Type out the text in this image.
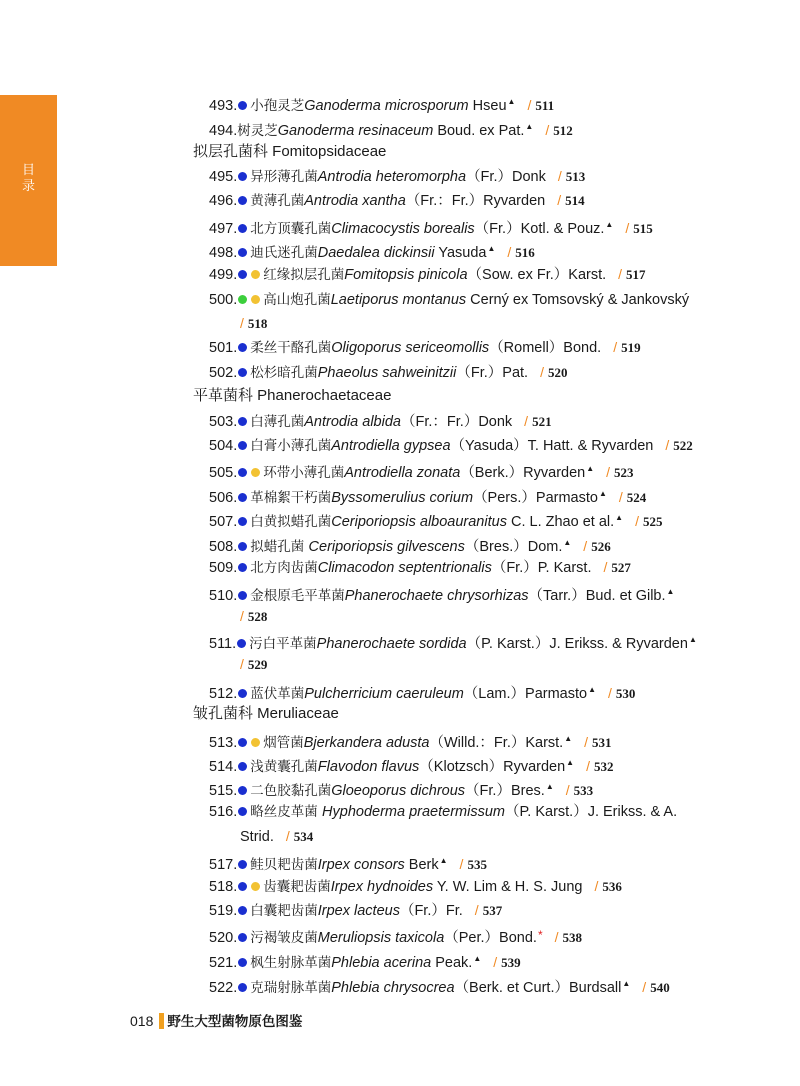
目录
493. 小孢灵芝Ganoderma microsporum Hseu▲ / 511
494.树灵芝Ganoderma resinaceum Boud. ex Pat.▲ / 512
拟层孔菌科 Fomitopsidaceae
495. 异形薄孔菌Antrodia heteromorpha（Fr.）Donk / 513
496. 黄薄孔菌Antrodia xantha（Fr.：Fr.）Ryvarden / 514
497. 北方顶囊孔菌Climacocystis borealis（Fr.）Kotl. & Pouz.▲ / 515
498. 迪氏迷孔菌Daedalea dickinsii Yasuda▲ / 516
499. 红缘拟层孔菌Fomitopsis pinicola（Sow. ex Fr.）Karst. / 517
500. 高山炮孔菌Laetiporus montanus Cerný ex Tomsovský & Jankovský
/ 518
501. 柔丝干酪孔菌Oligoporus sericeomollis（Romell）Bond. / 519
502. 松杉暗孔菌Phaeolus sahweinitzii（Fr.）Pat. / 520
平革菌科 Phanerochaetaceae
503. 白薄孔菌Antrodia albida（Fr.：Fr.）Donk / 521
504. 白膏小薄孔菌Antrodiella gypsea（Yasuda）T. Hatt. & Ryvarden / 522
505. 环带小薄孔菌Antrodiella zonata（Berk.）Ryvarden▲ / 523
506. 革棉絮干朽菌Byssomerulius corium（Pers.）Parmasto▲ / 524
507. 白黄拟蜡孔菌Ceriporiopsis alboauranitus C. L. Zhao et al.▲ / 525
508. 拟蜡孔菌 Ceriporiopsis gilvescens（Bres.）Dom.▲ / 526
509. 北方肉齿菌Climacodon septentrionalis（Fr.）P. Karst. / 527
510. 金根原毛平革菌Phanerochaete chrysorhizas（Tarr.）Bud. et Gilb.▲
/ 528
511. 污白平革菌Phanerochaete sordida（P. Karst.）J. Erikss. & Ryvarden▲
/ 529
512. 蓝伏革菌Pulcherricium caeruleum（Lam.）Parmasto▲ / 530
皱孔菌科 Meruliaceae
513. 烟管菌Bjerkandera adusta（Willd.：Fr.）Karst.▲ / 531
514. 浅黄囊孔菌Flavodon flavus（Klotzsch）Ryvarden▲ / 532
515. 二色胶黏孔菌Gloeoporus dichrous（Fr.）Bres.▲ / 533
516. 略丝皮革菌 Hyphoderma praetermissum（P. Karst.）J. Erikss. & A.
Strid. / 534
517. 鲑贝耙齿菌Irpex consors Berk▲ / 535
518. 齿囊耙齿菌Irpex hydnoides Y. W. Lim & H. S. Jung / 536
519. 白囊耙齿菌Irpex lacteus（Fr.）Fr. / 537
520. 污褐皱皮菌Meruliopsis taxicola（Per.）Bond.* / 538
521. 枫生射脉革菌Phlebia acerina Peak.▲ / 539
522. 克瑞射脉革菌Phlebia chrysocrea（Berk. et Curt.）Burdsall▲ / 540
018 野生大型菌物原色图鉴
